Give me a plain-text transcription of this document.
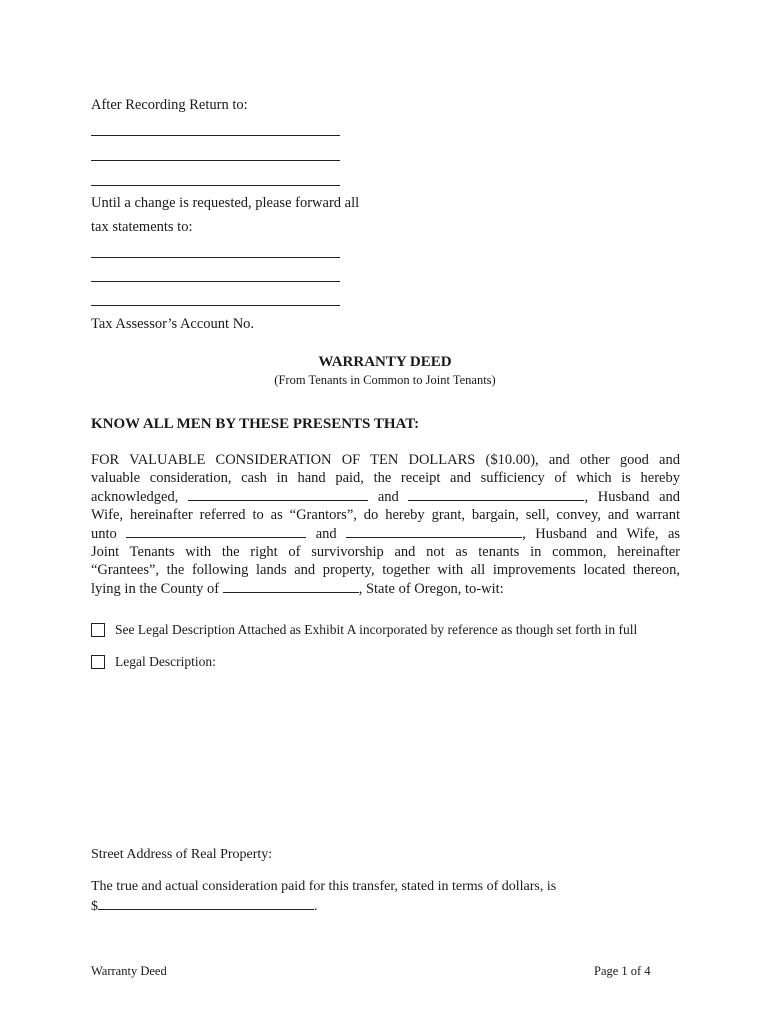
After Recording Return to:
Until a change is requested, please forward all
tax statements to:
Tax Assessor’s Account No.
WARRANTY DEED
(From Tenants in Common to Joint Tenants)
KNOW ALL MEN BY THESE PRESENTS THAT:
FOR VALUABLE CONSIDERATION OF TEN DOLLARS ($10.00), and other good and
valuable consideration, cash in hand paid, the receipt and sufficiency of which is hereby
acknowledged,	and	, Husband and
Wife, hereinafter referred to as “Grantors”, do hereby grant, bargain, sell, convey, and warrant
unto	and	, Husband and Wife, as
Joint Tenants with the right of survivorship and not as tenants in common, hereinafter
“Grantees”, the following lands and property, together with all improvements located thereon,
lying in the County of	, State of Oregon, to-wit:
See Legal Description Attached as Exhibit A incorporated by reference as though set forth in full
Legal Description:
Street Address of Real Property:
The true and actual consideration paid for this transfer, stated in terms of dollars, is
$	.
Warranty Deed	Page 1 of 4
